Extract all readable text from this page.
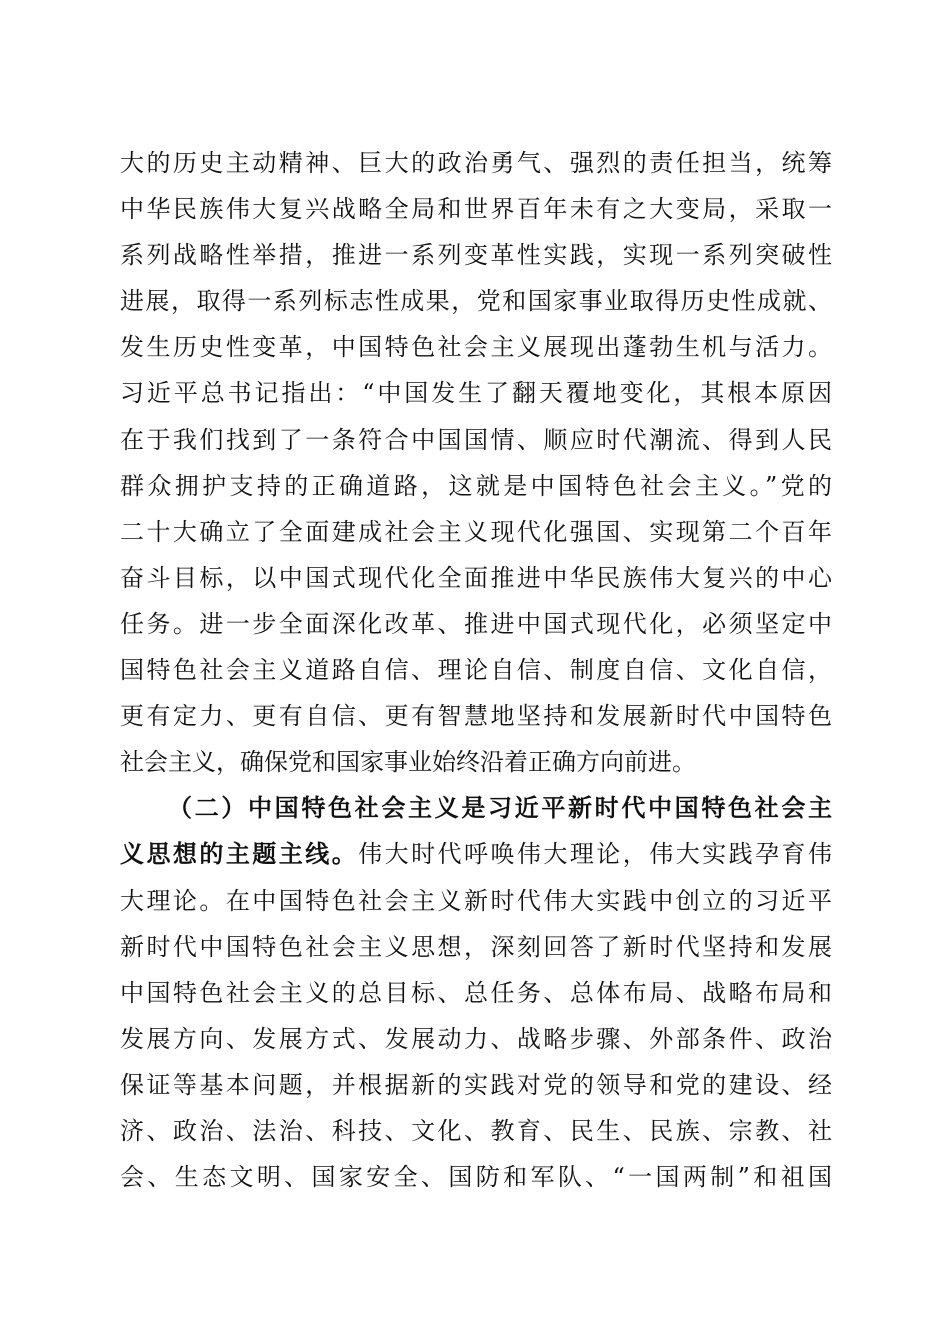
大的历史主动精神、巨大的政治勇气、强烈的责任担当，统筹
中华民族伟大复兴战略全局和世界百年未有之大变局，采取一
系列战略性举措，推进一系列变革性实践，实现一系列突破性
进展，取得一系列标志性成果，党和国家事业取得历史性成就、
发生历史性变革，中国特色社会主义展现出蓬勃生机与活力。
习近平总书记指出：“中国发生了翻天覆地变化，其根本原因
在于我们找到了一条符合中国国情、顺应时代潮流、得到人民
群众拥护支持的正确道路，这就是中国特色社会主义。”党的
二十大确立了全面建成社会主义现代化强国、实现第二个百年
奋斗目标，以中国式现代化全面推进中华民族伟大复兴的中心
任务。进一步全面深化改革、推进中国式现代化，必须坚定中
国特色社会主义道路自信、理论自信、制度自信、文化自信，
更有定力、更有自信、更有智慧地坚持和发展新时代中国特色
社会主义，确保党和国家事业始终沿着正确方向前进。
（二）中国特色社会主义是习近平新时代中国特色社会主
义思想的主题主线。伟大时代呼唤伟大理论，伟大实践孕育伟
大理论。在中国特色社会主义新时代伟大实践中创立的习近平
新时代中国特色社会主义思想，深刻回答了新时代坚持和发展
中国特色社会主义的总目标、总任务、总体布局、战略布局和
发展方向、发展方式、发展动力、战略步骤、外部条件、政治
保证等基本问题，并根据新的实践对党的领导和党的建设、经
济、政治、法治、科技、文化、教育、民生、民族、宗教、社
会、生态文明、国家安全、国防和军队、“一国两制”和祖国
